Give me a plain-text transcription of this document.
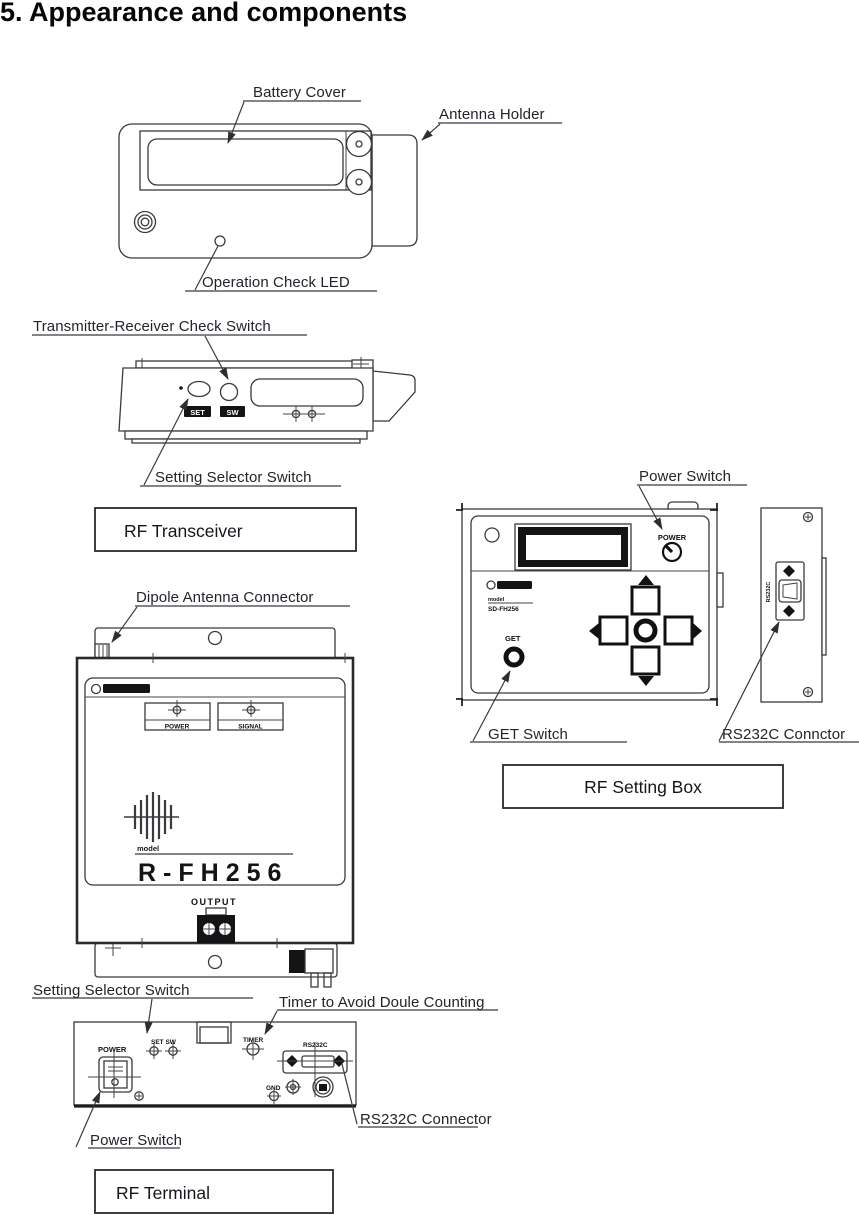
5. Appearance and components
Battery Cover
Antenna Holder
Operation Check LED
SET	SW
Transmitter-Receiver Check Switch
Setting Selector Switch
RF Transceiver	POWER
model
SD-FH256
GET
RS232C
Power Switch
GET Switch	RS232C Connctor
RF Setting Box
POWER	SIGNAL
model
R-FH256
OUTPUT
Dipole Antenna Connector
POWER
SET SW	TIMER
RS232C
GND
Setting Selector Switch
Timer to Avoid Doule Counting
RS232C Connector
Power Switch
RF Terminal
